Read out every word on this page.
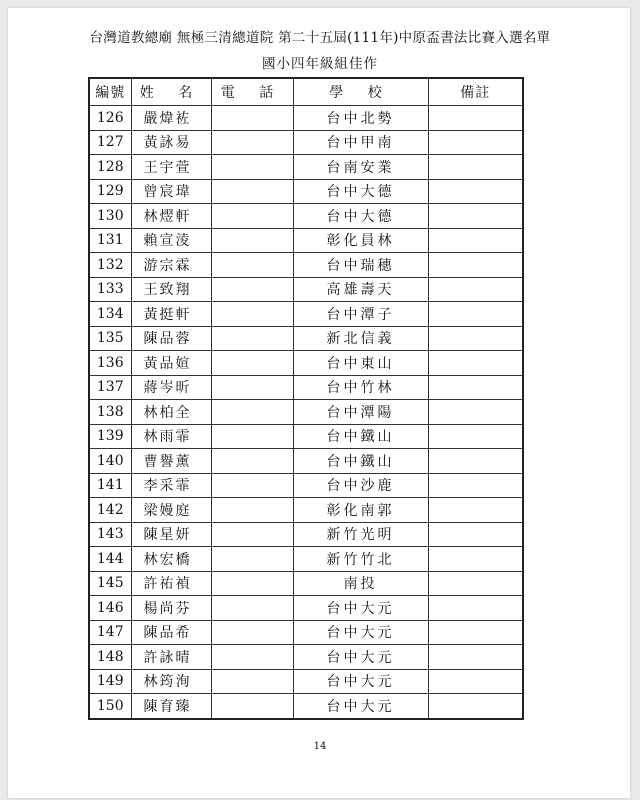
台灣道教總廟 無極三清總道院 第二十五屆(111年)中原盃書法比賽入選名單
國小四年級組佳作
編號	姓 名	電 話	學 校	備註
126	嚴煒袏		台中北勢	
127	黃詠易		台中甲南	
128	王宇萱		台南安業	
129	曾宸瑋		台中大德	
130	林熤軒		台中大德	
131	賴宣淩		彰化員林	
132	游宗霖		台中瑞穗	
133	王致翔		高雄壽天	
134	黃挺軒		台中潭子	
135	陳品蓉		新北信義	
136	黃品媗		台中東山	
137	蔣岑昕		台中竹林	
138	林柏全		台中潭陽	
139	林雨霏		台中鐵山	
140	曹譽薰		台中鐵山	
141	李采霏		台中沙鹿	
142	梁嫚庭		彰化南郭	
143	陳星妍		新竹光明	
144	林宏橋		新竹竹北	
145	許祐禎		南投	
146	楊尚芬		台中大元	
147	陳品希		台中大元	
148	許詠晴		台中大元	
149	林筠洵		台中大元	
150	陳育臻		台中大元	
14
